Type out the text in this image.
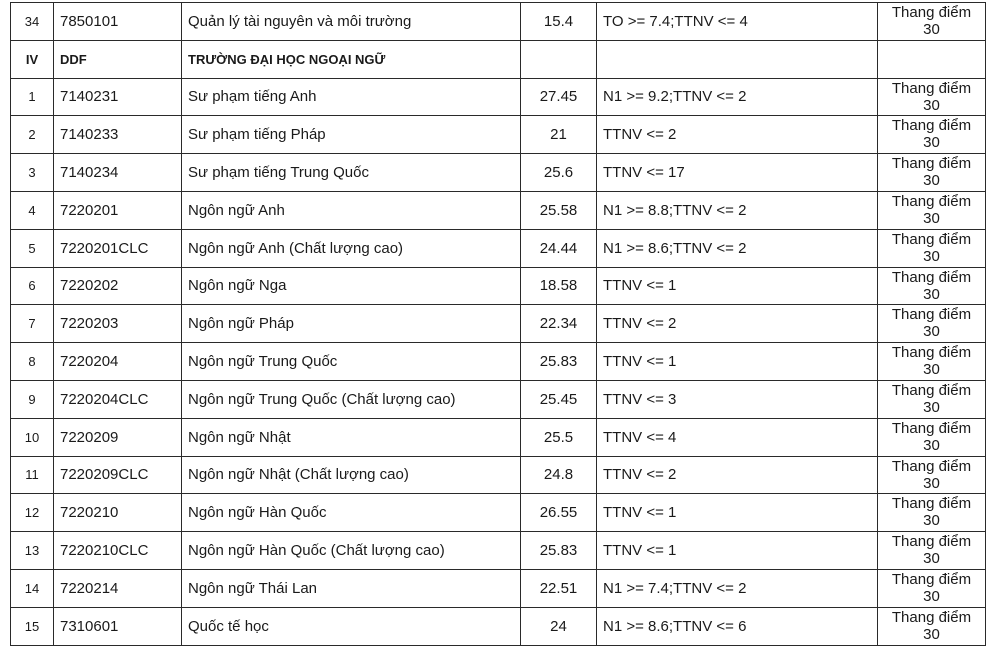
34	7850101	Quản lý tài nguyên và môi trường	15.4	TO >= 7.4;TTNV <= 4	Thang điểm 30
IV	DDF	TRƯỜNG ĐẠI HỌC NGOẠI NGỮ			
1	7140231	Sư phạm tiếng Anh	27.45	N1 >= 9.2;TTNV <= 2	Thang điểm 30
2	7140233	Sư phạm tiếng Pháp	21	TTNV <= 2	Thang điểm 30
3	7140234	Sư phạm tiếng Trung Quốc	25.6	TTNV <= 17	Thang điểm 30
4	7220201	Ngôn ngữ Anh	25.58	N1 >= 8.8;TTNV <= 2	Thang điểm 30
5	7220201CLC	Ngôn ngữ Anh (Chất lượng cao)	24.44	N1 >= 8.6;TTNV <= 2	Thang điểm 30
6	7220202	Ngôn ngữ Nga	18.58	TTNV <= 1	Thang điểm 30
7	7220203	Ngôn ngữ Pháp	22.34	TTNV <= 2	Thang điểm 30
8	7220204	Ngôn ngữ Trung Quốc	25.83	TTNV <= 1	Thang điểm 30
9	7220204CLC	Ngôn ngữ Trung Quốc (Chất lượng cao)	25.45	TTNV <= 3	Thang điểm 30
10	7220209	Ngôn ngữ Nhật	25.5	TTNV <= 4	Thang điểm 30
11	7220209CLC	Ngôn ngữ Nhật (Chất lượng cao)	24.8	TTNV <= 2	Thang điểm 30
12	7220210	Ngôn ngữ Hàn Quốc	26.55	TTNV <= 1	Thang điểm 30
13	7220210CLC	Ngôn ngữ Hàn Quốc (Chất lượng cao)	25.83	TTNV <= 1	Thang điểm 30
14	7220214	Ngôn ngữ Thái Lan	22.51	N1 >= 7.4;TTNV <= 2	Thang điểm 30
15	7310601	Quốc tế học	24	N1 >= 8.6;TTNV <= 6	Thang điểm 30
